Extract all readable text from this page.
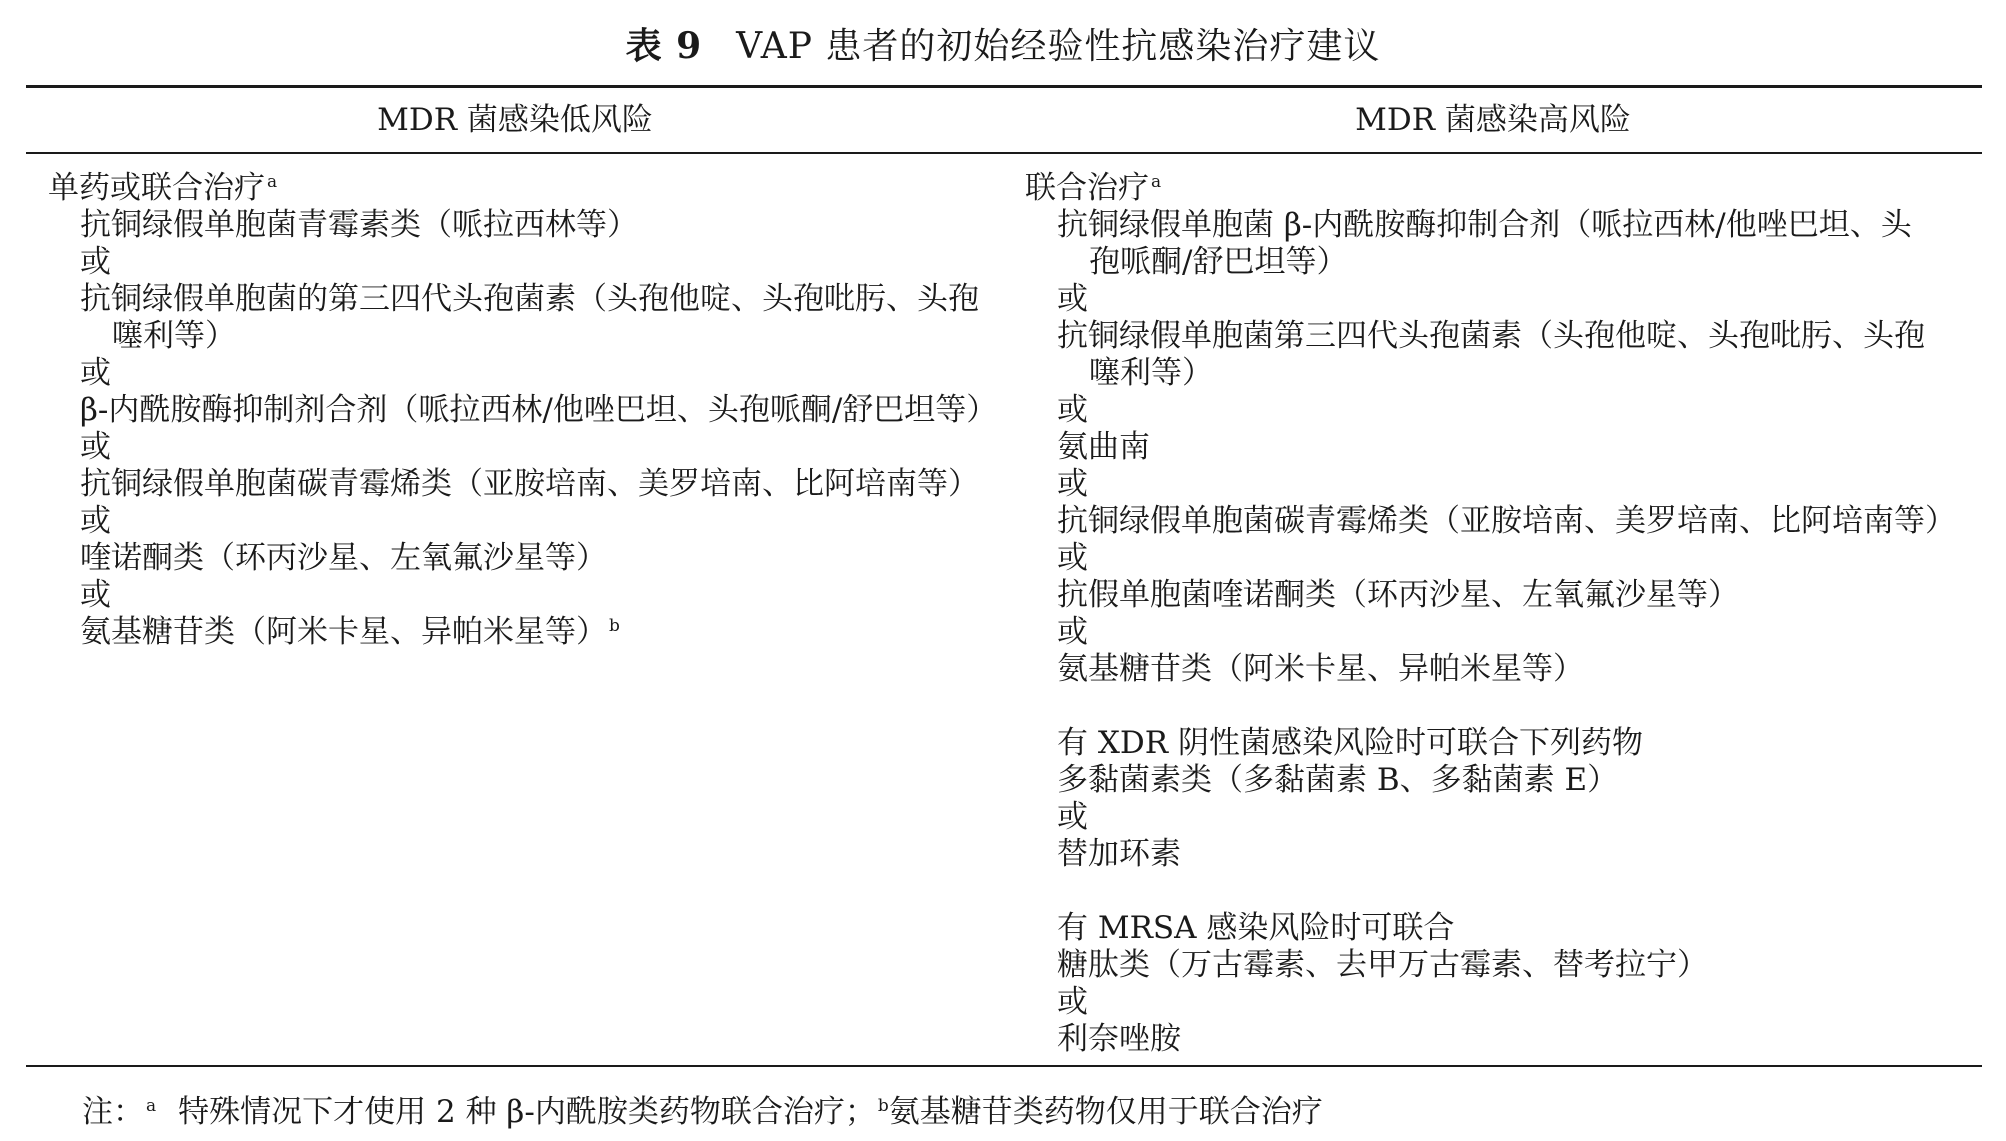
表 9 VAP 患者的初始经验性抗感染治疗建议
MDR 菌感染低风险	MDR 菌感染高风险
单药或联合治疗 $^a$
抗铜绿假单胞菌青霉素类（哌拉西林等）
或
抗铜绿假单胞菌的第三四代头孢菌素（头孢他啶、头孢吡肟、头孢
噻利等）
或
β-内酰胺酶抑制剂合剂（哌拉西林/他唑巴坦、头孢哌酮/舒巴坦等）
或
抗铜绿假单胞菌碳青霉烯类（亚胺培南、美罗培南、比阿培南等）
或
喹诺酮类（环丙沙星、左氧氟沙星等）
或
氨基糖苷类（阿米卡星、异帕米星等） $^b$
联合治疗 $^a$
抗铜绿假单胞菌 β-内酰胺酶抑制合剂（哌拉西林/他唑巴坦、头
孢哌酮/舒巴坦等）
或
抗铜绿假单胞菌第三四代头孢菌素（头孢他啶、头孢吡肟、头孢
噻利等）
或
氨曲南
或
抗铜绿假单胞菌碳青霉烯类（亚胺培南、美罗培南、比阿培南等）
或
抗假单胞菌喹诺酮类（环丙沙星、左氧氟沙星等）
或
氨基糖苷类（阿米卡星、异帕米星等）
有 XDR 阴性菌感染风险时可联合下列药物
多黏菌素类（多黏菌素 B、多黏菌素 E）
或
替加环素
有 MRSA 感染风险时可联合
糖肽类（万古霉素、去甲万古霉素、替考拉宁）
或
利奈唑胺
注： $^a$ 特殊情况下才使用 2 种 β-内酰胺类药物联合治疗； $^b$氨基糖苷类药物仅用于联合治疗
